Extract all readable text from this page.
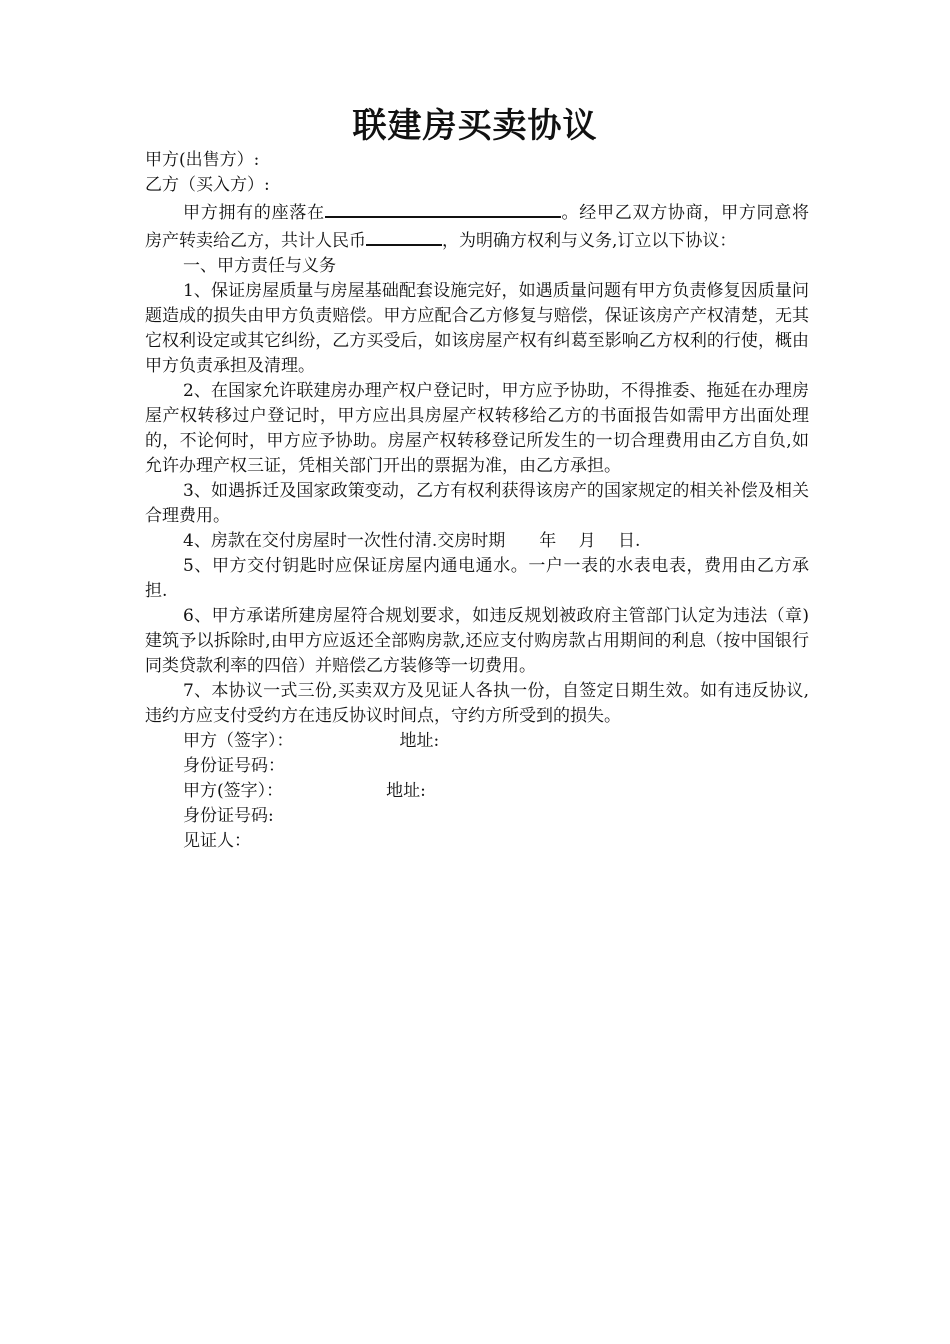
联建房买卖协议
甲方(出售方）:
乙方（买入方）:

甲方拥有的座落在	。经甲乙双方协商，甲方同意将房产转卖给乙方，共计人民币	，为明确方权利与义务,订立以下协议：

一、甲方责任与义务

1、保证房屋质量与房屋基础配套设施完好，如遇质量问题有甲方负责修复因质量问题造成的损失由甲方负责赔偿。甲方应配合乙方修复与赔偿，保证该房产产权清楚，无其它权利设定或其它纠纷，乙方买受后，如该房屋产权有纠葛至影响乙方权利的行使，概由甲方负责承担及清理。

2、在国家允许联建房办理产权户登记时，甲方应予协助，不得推委、拖延在办理房屋产权转移过户登记时，甲方应出具房屋产权转移给乙方的书面报告如需甲方出面处理的，不论何时，甲方应予协助。房屋产权转移登记所发生的一切合理费用由乙方自负,如允许办理产权三证，凭相关部门开出的票据为准，由乙方承担。

3、如遇拆迁及国家政策变动，乙方有权利获得该房产的国家规定的相关补偿及相关合理费用。

4、房款在交付房屋时一次性付清.交房时期　　年　 月　 日.

5、甲方交付钥匙时应保证房屋内通电通水。一户一表的水表电表，费用由乙方承担.

6、甲方承诺所建房屋符合规划要求，如违反规划被政府主管部门认定为违法（章)建筑予以拆除时,由甲方应返还全部购房款,还应支付购房款占用期间的利息（按中国银行同类贷款利率的四倍）并赔偿乙方装修等一切费用。

7、本协议一式三份,买卖双方及见证人各执一份，自签定日期生效。如有违反协议,违约方应支付受约方在违反协议时间点，守约方所受到的损失。

甲方（签字）：	地址:
身份证号码：
甲方(签字）：	地址:
身份证号码:
见证人：
